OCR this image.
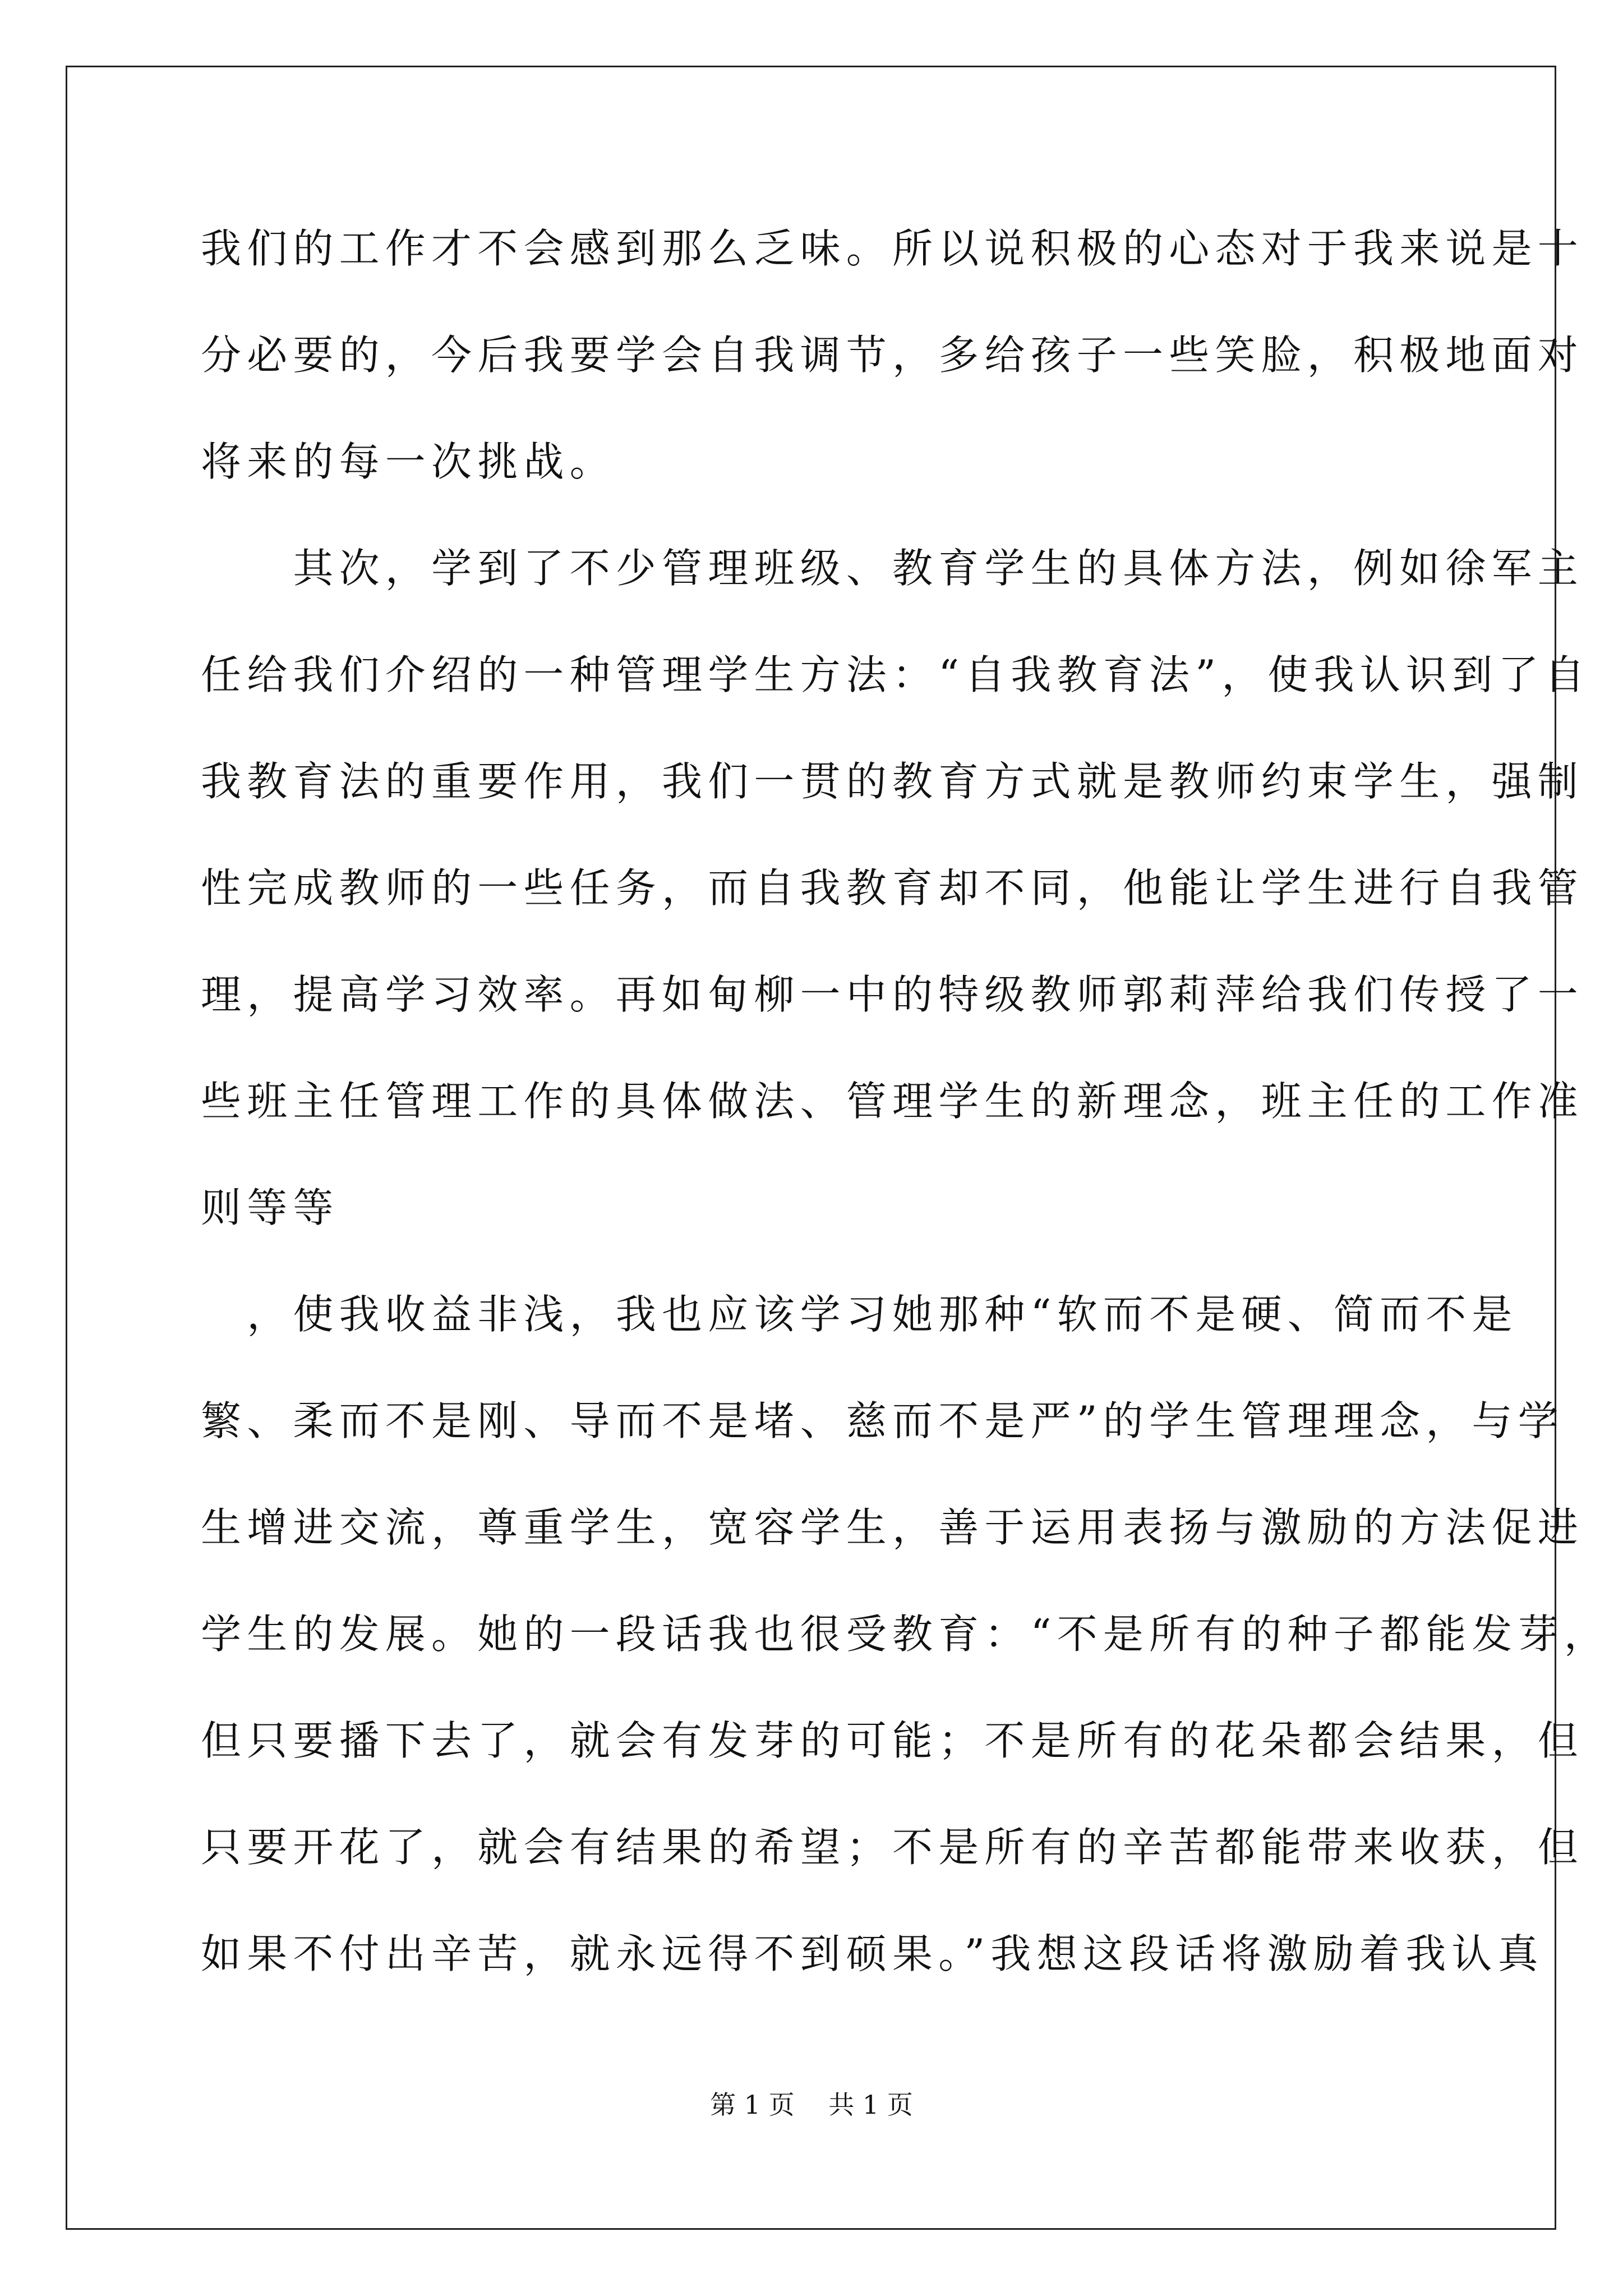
我们的工作才不会感到那么乏味。所以说积极的心态对于我来说是十
分必要的，今后我要学会自我调节，多给孩子一些笑脸，积极地面对
将来的每一次挑战。
　　其次，学到了不少管理班级、教育学生的具体方法，例如徐军主
任给我们介绍的一种管理学生方法：“自我教育法”，使我认识到了自
我教育法的重要作用，我们一贯的教育方式就是教师约束学生，强制
性完成教师的一些任务，而自我教育却不同，他能让学生进行自我管
理，提高学习效率。再如甸柳一中的特级教师郭莉萍给我们传授了一
些班主任管理工作的具体做法、管理学生的新理念，班主任的工作准
则等等
　，使我收益非浅，我也应该学习她那种“软而不是硬、简而不是
繁、柔而不是刚、导而不是堵、慈而不是严”的学生管理理念，与学
生增进交流，尊重学生，宽容学生，善于运用表扬与激励的方法促进
学生的发展。她的一段话我也很受教育：“不是所有的种子都能发芽，
但只要播下去了，就会有发芽的可能；不是所有的花朵都会结果，但
只要开花了，就会有结果的希望；不是所有的辛苦都能带来收获，但
如果不付出辛苦，就永远得不到硕果。”我想这段话将激励着我认真
第 1 页　 共 1 页
